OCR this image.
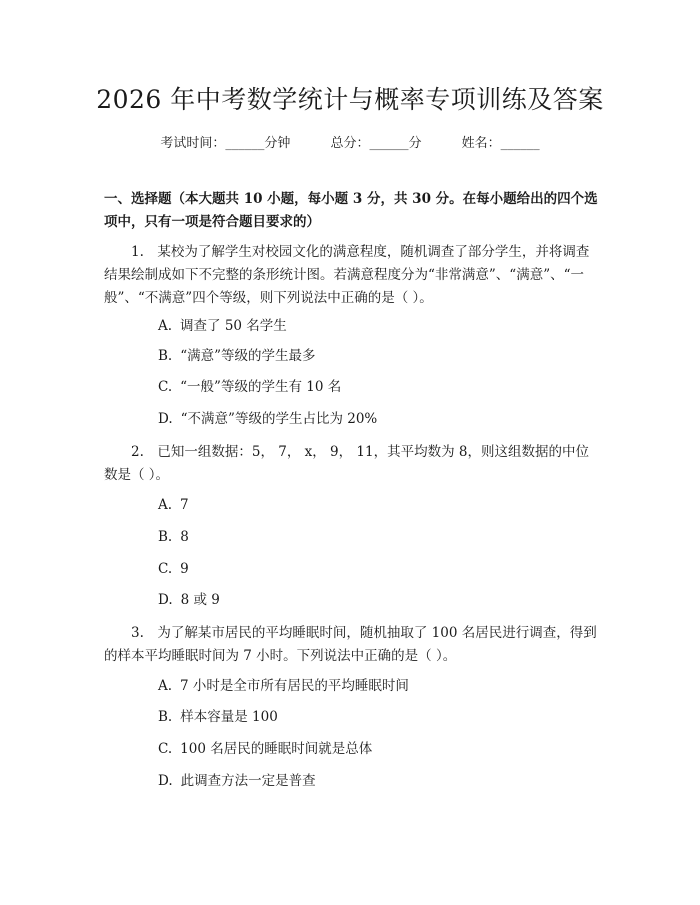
2026 年中考数学统计与概率专项训练及答案
考试时间：______分钟	总分：______分	姓名：______
一、选择题（本大题共 10 小题，每小题 3 分，共 30 分。在每小题给出的四个选项中，只有一项是符合题目要求的）
1.　某校为了解学生对校园文化的满意程度，随机调查了部分学生，并将调查结果绘制成如下不完整的条形统计图。若满意程度分为“非常满意”、“满意”、“一般”、“不满意”四个等级，则下列说法中正确的是（ ）。
A. 调查了 50 名学生
B. “满意”等级的学生最多
C. “一般”等级的学生有 10 名
D. “不满意”等级的学生占比为 20%
2.　已知一组数据：5， 7， x， 9， 11，其平均数为 8，则这组数据的中位数是（ ）。
A. 7
B. 8
C. 9
D. 8 或 9
3.　为了解某市居民的平均睡眠时间，随机抽取了 100 名居民进行调查，得到的样本平均睡眠时间为 7 小时。下列说法中正确的是（ ）。
A. 7 小时是全市所有居民的平均睡眠时间
B. 样本容量是 100
C. 100 名居民的睡眠时间就是总体
D. 此调查方法一定是普查
